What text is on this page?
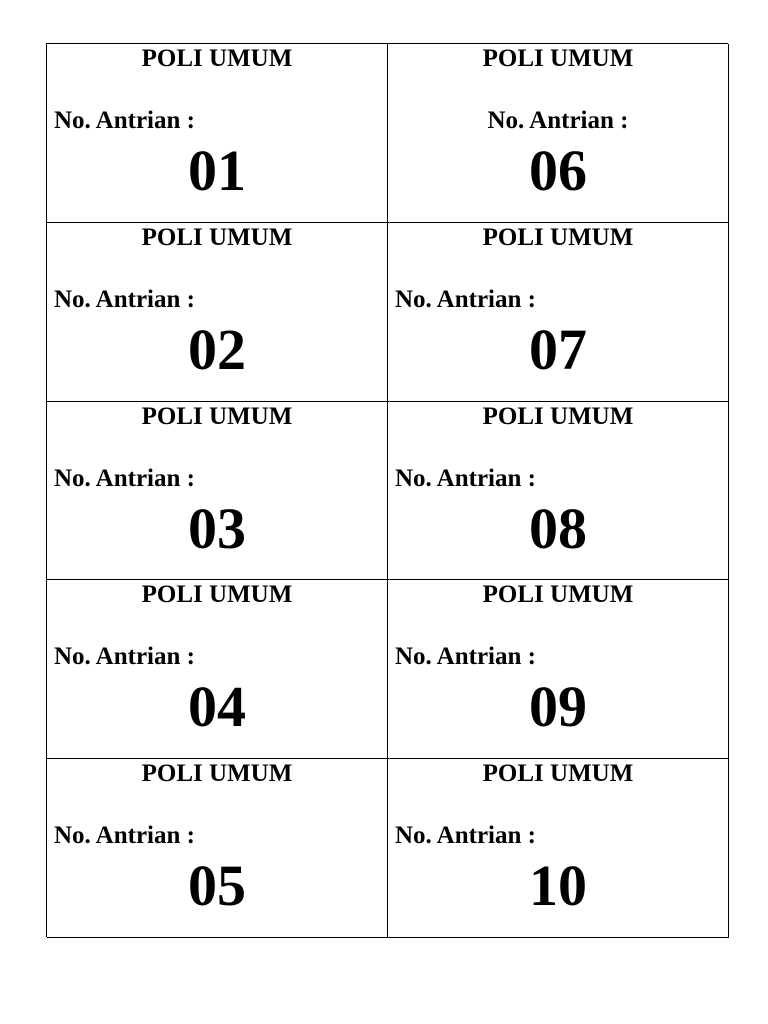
POLI UMUM
No. Antrian :
01
POLI UMUM
No. Antrian :
02
POLI UMUM
No. Antrian :
03
POLI UMUM
No. Antrian :
04
POLI UMUM
No. Antrian :
05
POLI UMUM
No. Antrian :
06
POLI UMUM
No. Antrian :
07
POLI UMUM
No. Antrian :
08
POLI UMUM
No. Antrian :
09
POLI UMUM
No. Antrian :
10
